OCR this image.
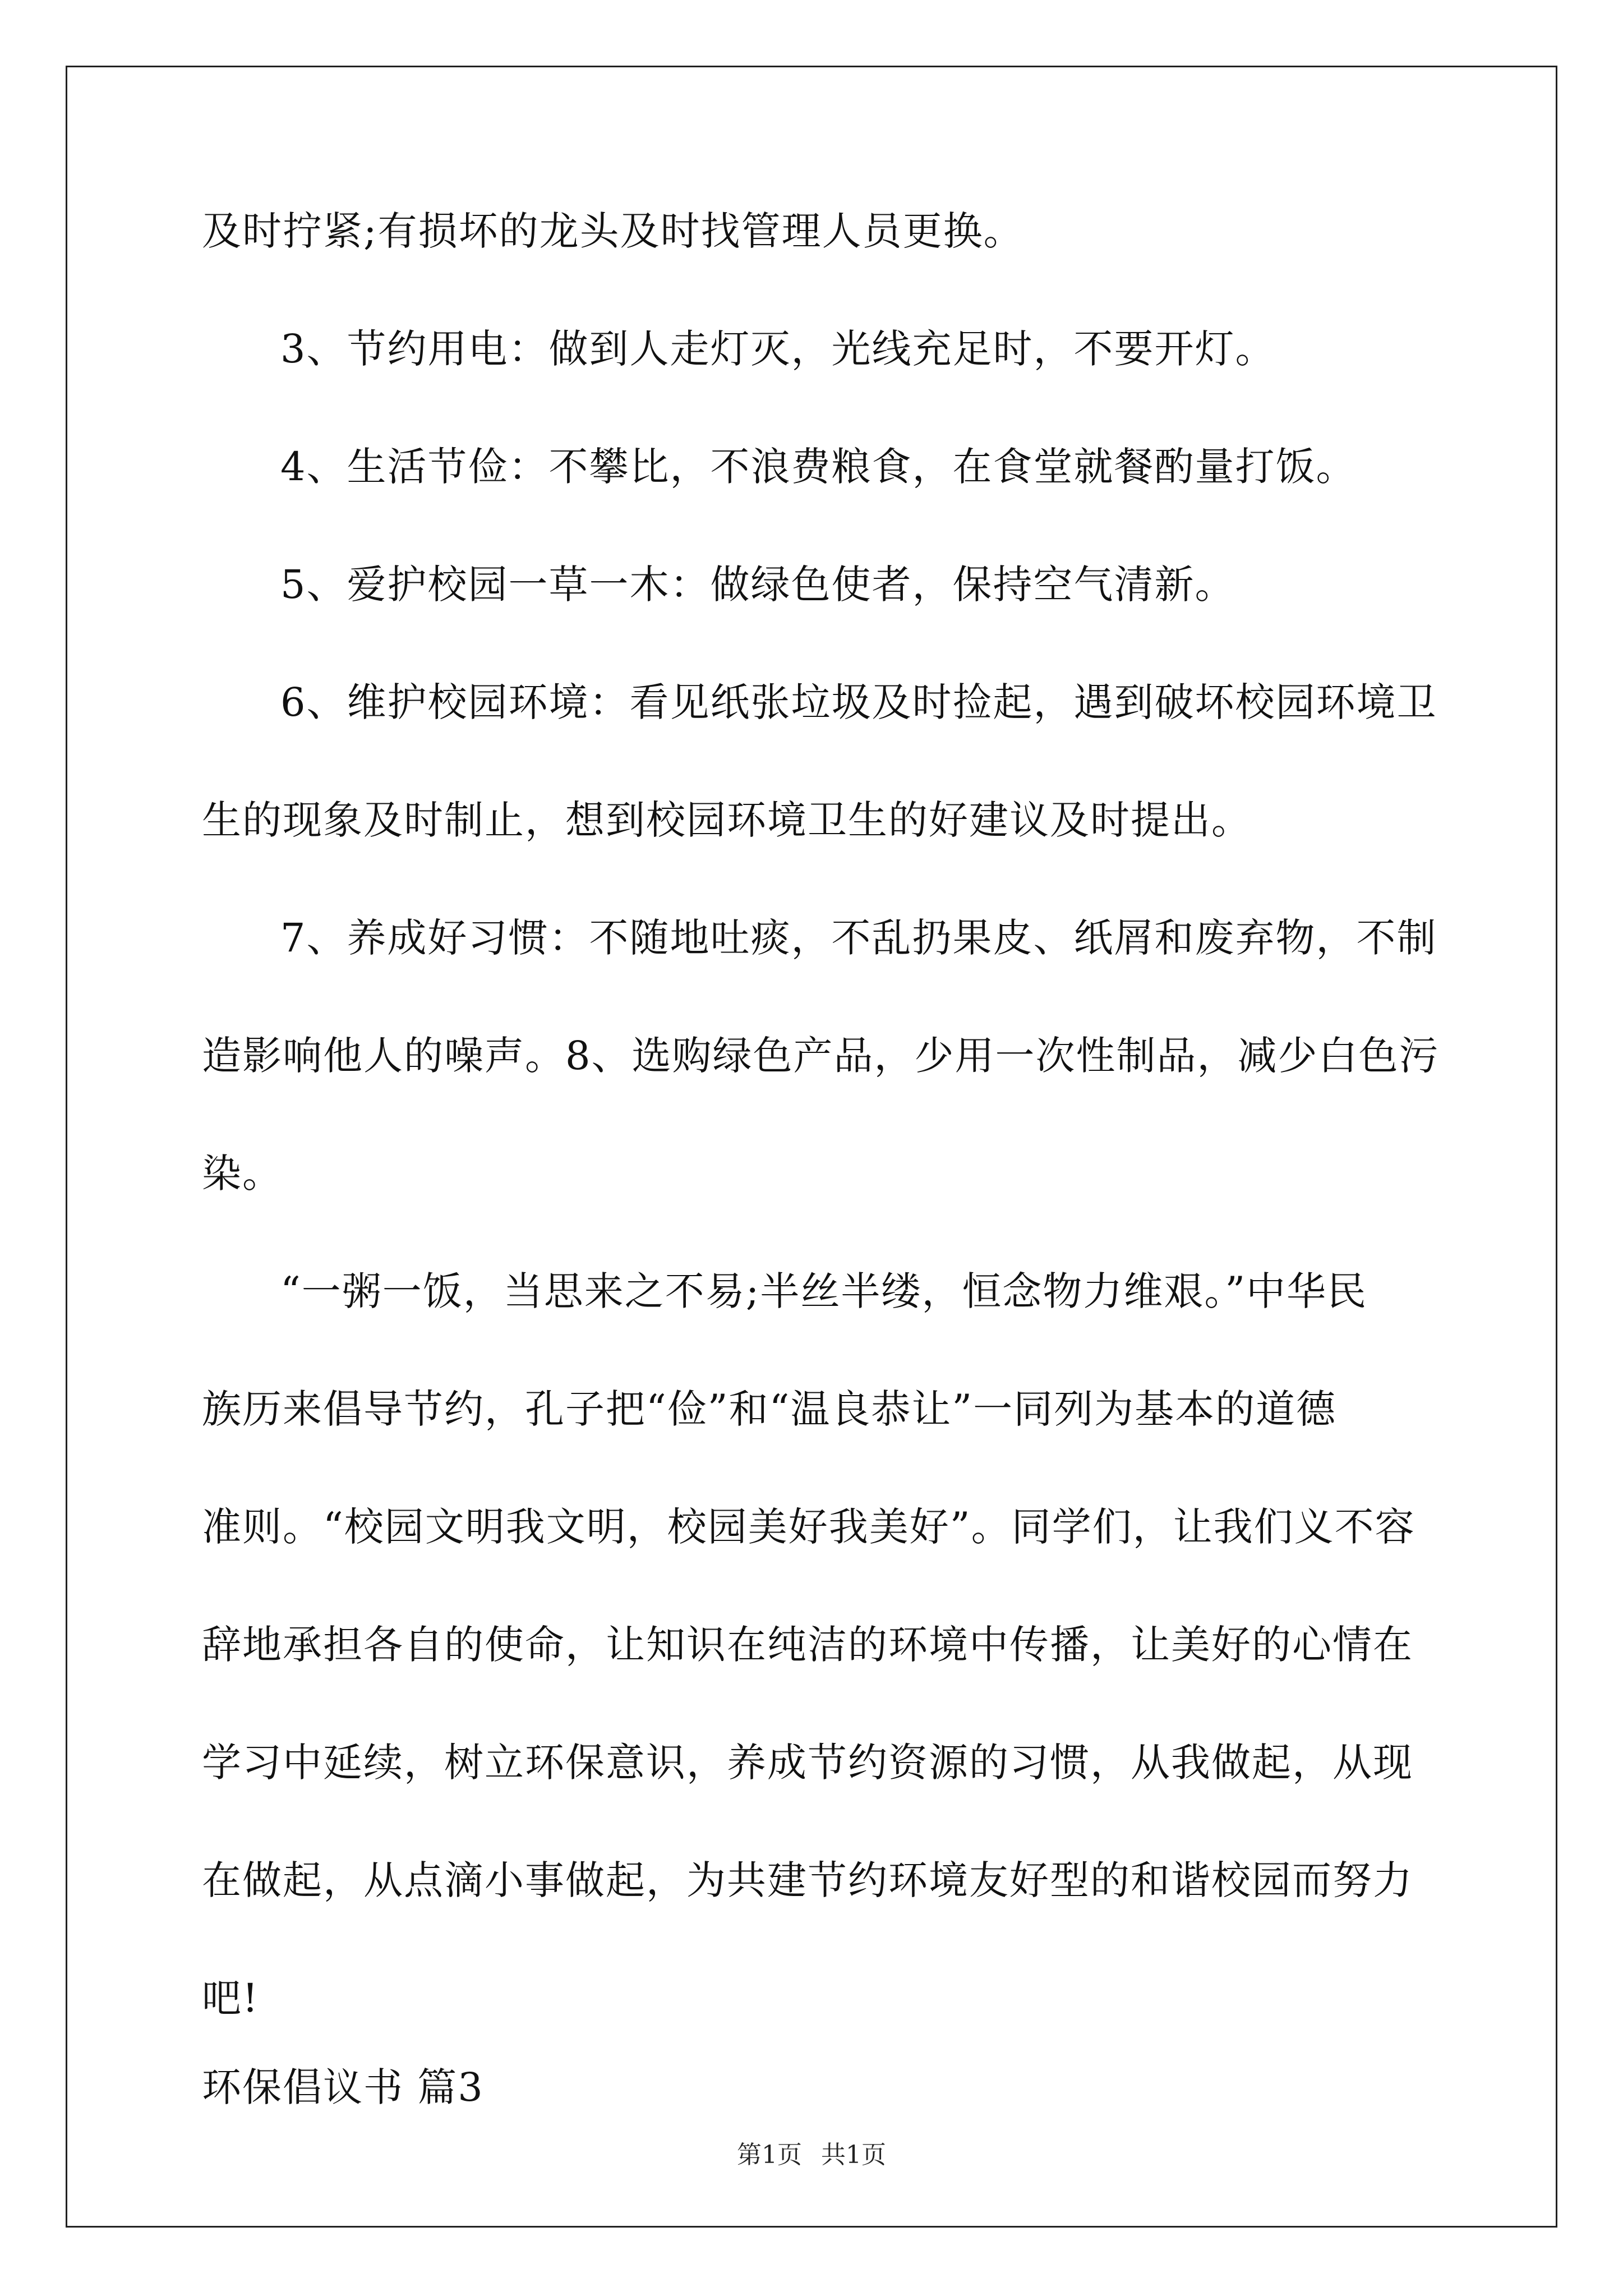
及时拧紧;有损坏的龙头及时找管理人员更换。
3、节约用电：做到人走灯灭，光线充足时，不要开灯。
4、生活节俭：不攀比，不浪费粮食，在食堂就餐酌量打饭。
5、爱护校园一草一木：做绿色使者，保持空气清新。
6、维护校园环境：看见纸张垃圾及时捡起，遇到破坏校园环境卫
生的现象及时制止，想到校园环境卫生的好建议及时提出。
7、养成好习惯：不随地吐痰，不乱扔果皮、纸屑和废弃物，不制
造影响他人的噪声。8、选购绿色产品，少用一次性制品，减少白色污
染。
“一粥一饭，当思来之不易;半丝半缕，恒念物力维艰。”中华民
族历来倡导节约，孔子把“俭”和“温良恭让”一同列为基本的道德
准则。“校园文明我文明，校园美好我美好”。同学们，让我们义不容
辞地承担各自的使命，让知识在纯洁的环境中传播，让美好的心情在
学习中延续，树立环保意识，养成节约资源的习惯，从我做起，从现
在做起，从点滴小事做起，为共建节约环境友好型的和谐校园而努力
吧!
环保倡议书 篇3
第1页 共1页
